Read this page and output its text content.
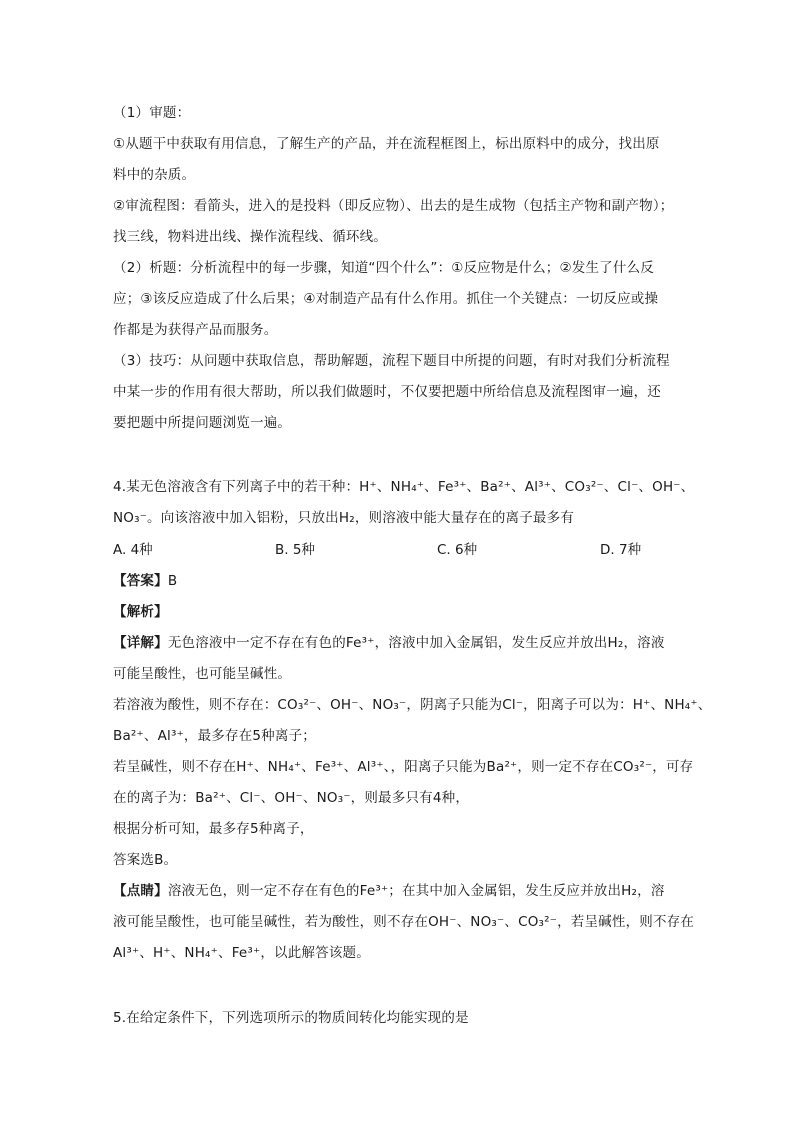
（1）审题：
①从题干中获取有用信息，了解生产的产品，并在流程框图上，标出原料中的成分，找出原
料中的杂质。
②审流程图：看箭头，进入的是投料（即反应物）、出去的是生成物（包括主产物和副产物）；
找三线，物料进出线、操作流程线、循环线。
（2）析题：分析流程中的每一步骤，知道“四个什么”：①反应物是什么；②发生了什么反
应；③该反应造成了什么后果；④对制造产品有什么作用。抓住一个关键点：一切反应或操
作都是为获得产品而服务。
（3）技巧：从问题中获取信息，帮助解题，流程下题目中所提的问题，有时对我们分析流程
中某一步的作用有很大帮助，所以我们做题时，不仅要把题中所给信息及流程图审一遍，还
要把题中所提问题浏览一遍。
4.某无色溶液含有下列离子中的若干种：H⁺、NH₄⁺、Fe³⁺、Ba²⁺、Al³⁺、CO₃²⁻、Cl⁻、OH⁻、
NO₃⁻。向该溶液中加入铝粉，只放出H₂，则溶液中能大量存在的离子最多有
A. 4种	B. 5种	C. 6种	D. 7种
【答案】B
【解析】
【详解】无色溶液中一定不存在有色的Fe³⁺，溶液中加入金属铝，发生反应并放出H₂，溶液
可能呈酸性，也可能呈碱性。
若溶液为酸性，则不存在：CO₃²⁻、OH⁻、NO₃⁻，阴离子只能为Cl⁻，阳离子可以为：H⁺、NH₄⁺、
Ba²⁺、Al³⁺，最多存在5种离子；
若呈碱性，则不存在H⁺、NH₄⁺、Fe³⁺、Al³⁺、，阳离子只能为Ba²⁺，则一定不存在CO₃²⁻，可存
在的离子为：Ba²⁺、Cl⁻、OH⁻、NO₃⁻，则最多只有4种，
根据分析可知，最多存5种离子，
答案选B。
【点睛】溶液无色，则一定不存在有色的Fe³⁺；在其中加入金属铝，发生反应并放出H₂，溶
液可能呈酸性，也可能呈碱性，若为酸性，则不存在OH⁻、NO₃⁻、CO₃²⁻，若呈碱性，则不存在
Al³⁺、H⁺、NH₄⁺、Fe³⁺，以此解答该题。
5.在给定条件下，下列选项所示的物质间转化均能实现的是
